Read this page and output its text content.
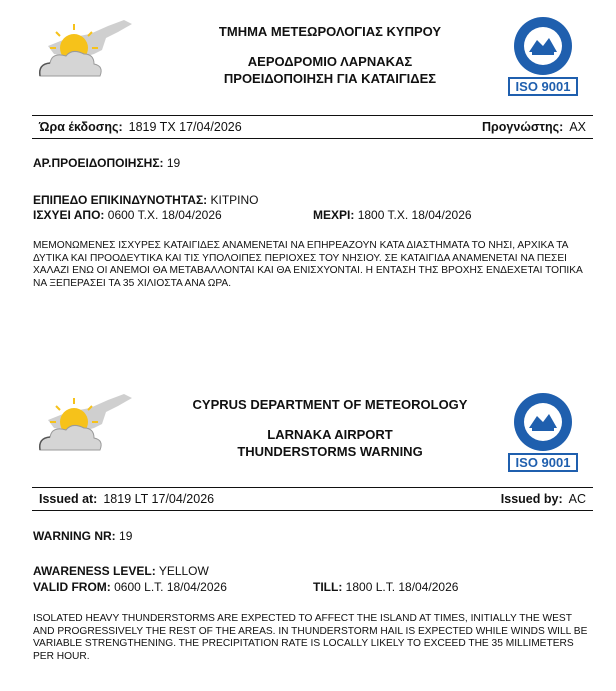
ΤΜΗΜΑ ΜΕΤΕΩΡΟΛΟΓΙΑΣ ΚΥΠΡΟΥ
ΑΕΡΟΔΡΟΜΙΟ ΛΑΡΝΑΚΑΣ
ΠΡΟΕΙΔΟΠΟΙΗΣΗ ΓΙΑ ΚΑΤΑΙΓΙΔΕΣ
ISO 9001
Ώρα έκδοσης: 1819 ΤΧ 17/04/2026	Προγνώστης: ΑΧ
ΑΡ.ΠΡΟΕΙΔΟΠΟΙΗΣΗΣ: 19
ΕΠΙΠΕΔΟ ΕΠΙΚΙΝΔΥΝΟΤΗΤΑΣ: ΚΙΤΡΙΝΟ
ΙΣΧΥΕΙ ΑΠΟ: 0600 Τ.Χ. 18/04/2026	ΜΕΧΡΙ: 1800 Τ.Χ. 18/04/2026
ΜΕΜΟΝΩΜΕΝΕΣ ΙΣΧΥΡΕΣ ΚΑΤΑΙΓΙΔΕΣ ΑΝΑΜΕΝΕΤΑΙ ΝΑ ΕΠΗΡΕΑΖΟΥΝ ΚΑΤΑ ΔΙΑΣΤΗΜΑΤΑ ΤΟ ΝΗΣΙ, ΑΡΧΙΚΑ ΤΑ ΔΥΤΙΚΑ ΚΑΙ ΠΡΟΟΔΕΥΤΙΚΑ ΚΑΙ ΤΙΣ ΥΠΟΛΟΙΠΕΣ ΠΕΡΙΟΧΕΣ ΤΟΥ ΝΗΣΙΟΥ. ΣΕ ΚΑΤΑΙΓΙΔΑ ΑΝΑΜΕΝΕΤΑΙ ΝΑ ΠΕΣΕΙ ΧΑΛΑΖΙ ΕΝΩ ΟΙ ΑΝΕΜΟΙ ΘΑ ΜΕΤΑΒΑΛΛΟΝΤΑΙ ΚΑΙ ΘΑ ΕΝΙΣΧΥΟΝΤΑΙ. Η ΕΝΤΑΣΗ ΤΗΣ ΒΡΟΧΗΣ ΕΝΔΕΧΕΤΑΙ ΤΟΠΙΚΑ ΝΑ ΞΕΠΕΡΑΣΕΙ ΤΑ 35 ΧΙΛΙΟΣΤΑ ΑΝΑ ΩΡΑ.
CYPRUS DEPARTMENT OF METEOROLOGY
LARNAKA AIRPORT
THUNDERSTORMS WARNING
ISO 9001
Issued at: 1819 LT 17/04/2026	Issued by: AC
WARNING NR: 19
AWARENESS LEVEL: YELLOW
VALID FROM: 0600 L.T. 18/04/2026	TILL: 1800 L.T. 18/04/2026
ISOLATED HEAVY THUNDERSTORMS ARE EXPECTED TO AFFECT THE ISLAND AT TIMES, INITIALLY THE WEST AND PROGRESSIVELY THE REST OF THE AREAS. IN THUNDERSTORM HAIL IS EXPECTED WHILE WINDS WILL BE VARIABLE STRENGTHENING. THE PRECIPITATION RATE IS LOCALLY LIKELY TO EXCEED THE 35 MILLIMETERS PER HOUR.
